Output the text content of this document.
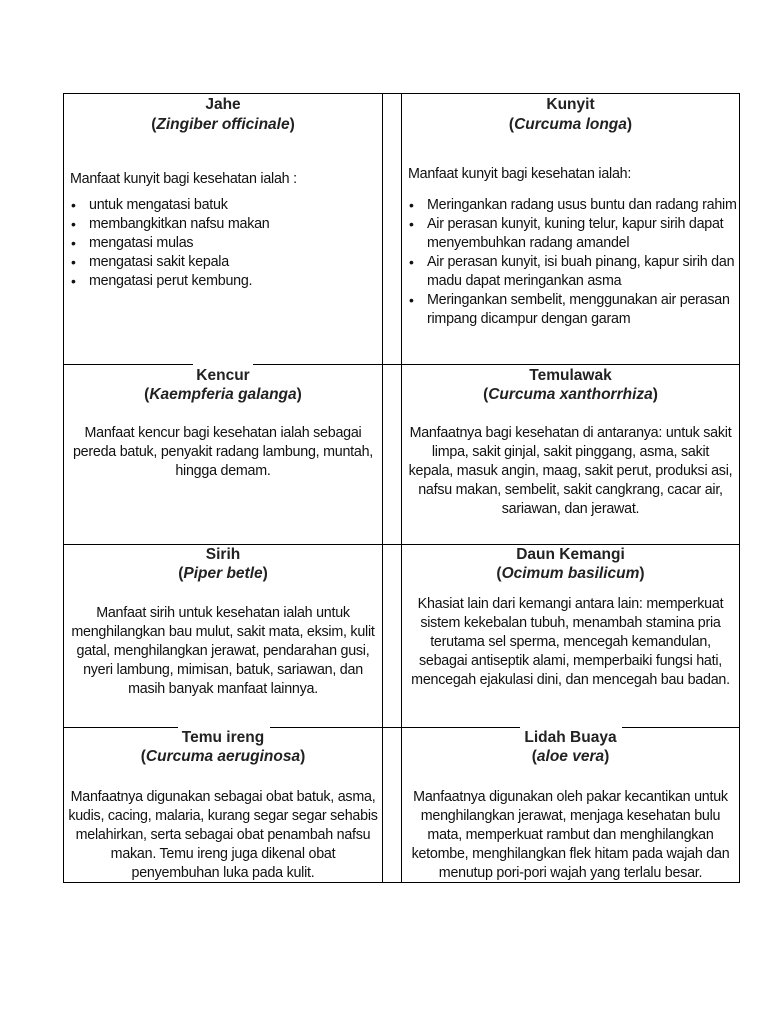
Jahe
(Zingiber officinale)

Manfaat kunyit bagi kesehatan ialah :

• untuk mengatasi batuk
• membangkitkan nafsu makan
• mengatasi mulas
• mengatasi sakit kepala
• mengatasi perut kembung.
Kunyit
(Curcuma longa)

Manfaat kunyit bagi kesehatan ialah:

• Meringankan radang usus buntu dan radang rahim
• Air perasan kunyit, kuning telur, kapur sirih dapat menyembuhkan radang amandel
• Air perasan kunyit, isi buah pinang, kapur sirih dan madu dapat meringankan asma
• Meringankan sembelit, menggunakan air perasan rimpang dicampur dengan garam
Kencur
(Kaempferia galanga)
Manfaat kencur bagi kesehatan ialah sebagai pereda batuk, penyakit radang lambung, muntah, hingga demam.
Temulawak
(Curcuma xanthorrhiza)
Manfaatnya bagi kesehatan di antaranya: untuk sakit limpa, sakit ginjal, sakit pinggang, asma, sakit kepala, masuk angin, maag, sakit perut, produksi asi, nafsu makan, sembelit, sakit cangkrang, cacar air, sariawan, dan jerawat.
Sirih
(Piper betle)
Manfaat sirih untuk kesehatan ialah untuk menghilangkan bau mulut, sakit mata, eksim, kulit gatal, menghilangkan jerawat, pendarahan gusi, nyeri lambung, mimisan, batuk, sariawan, dan masih banyak manfaat lainnya.
Daun Kemangi
(Ocimum basilicum)
Khasiat lain dari kemangi antara lain: memperkuat sistem kekebalan tubuh, menambah stamina pria terutama sel sperma, mencegah kemandulan, sebagai antiseptik alami, memperbaiki fungsi hati, mencegah ejakulasi dini, dan mencegah bau badan.
Temu ireng
(Curcuma aeruginosa)
Manfaatnya digunakan sebagai obat batuk, asma, kudis, cacing, malaria, kurang segar segar sehabis melahirkan, serta sebagai obat penambah nafsu makan. Temu ireng juga dikenal obat penyembuhan luka pada kulit.
Lidah Buaya
(aloe vera)
Manfaatnya digunakan oleh pakar kecantikan untuk menghilangkan jerawat, menjaga kesehatan bulu mata, memperkuat rambut dan menghilangkan ketombe, menghilangkan flek hitam pada wajah dan menutup pori-pori wajah yang terlalu besar.
